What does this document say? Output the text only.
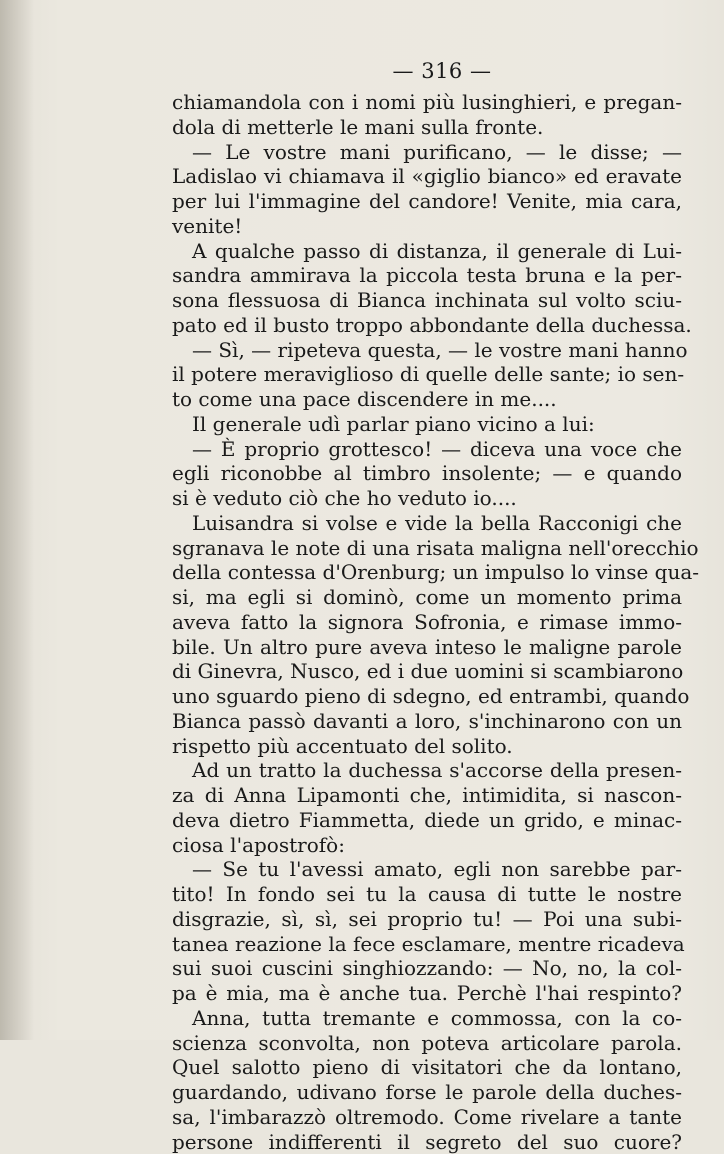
— 316 —
chiamandola con i nomi più lusinghieri, e pregan-
dola di metterle le mani sulla fronte.
— Le vostre mani purificano, — le disse; —
Ladislao vi chiamava il «giglio bianco» ed eravate
per lui l'immagine del candore! Venite, mia cara,
venite!
A qualche passo di distanza, il generale di Lui-
sandra ammirava la piccola testa bruna e la per-
sona flessuosa di Bianca inchinata sul volto sciu-
pato ed il busto troppo abbondante della duchessa.
— Sì, — ripeteva questa, — le vostre mani hanno
il potere meraviglioso di quelle delle sante; io sen-
to come una pace discendere in me....
Il generale udì parlar piano vicino a lui:
— È proprio grottesco! — diceva una voce che
egli riconobbe al timbro insolente; — e quando
si è veduto ciò che ho veduto io....
Luisandra si volse e vide la bella Racconigi che
sgranava le note di una risata maligna nell'orecchio
della contessa d'Orenburg; un impulso lo vinse qua-
si, ma egli si dominò, come un momento prima
aveva fatto la signora Sofronia, e rimase immo-
bile. Un altro pure aveva inteso le maligne parole
di Ginevra, Nusco, ed i due uomini si scambiarono
uno sguardo pieno di sdegno, ed entrambi, quando
Bianca passò davanti a loro, s'inchinarono con un
rispetto più accentuato del solito.
Ad un tratto la duchessa s'accorse della presen-
za di Anna Lipamonti che, intimidita, si nascon-
deva dietro Fiammetta, diede un grido, e minac-
ciosa l'apostrofò:
— Se tu l'avessi amato, egli non sarebbe par-
tito! In fondo sei tu la causa di tutte le nostre
disgrazie, sì, sì, sei proprio tu! — Poi una subi-
tanea reazione la fece esclamare, mentre ricadeva
sui suoi cuscini singhiozzando: — No, no, la col-
pa è mia, ma è anche tua. Perchè l'hai respinto?
Anna, tutta tremante e commossa, con la co-
scienza sconvolta, non poteva articolare parola.
Quel salotto pieno di visitatori che da lontano,
guardando, udivano forse le parole della duches-
sa, l'imbarazzò oltremodo. Come rivelare a tante
persone indifferenti il segreto del suo cuore?
